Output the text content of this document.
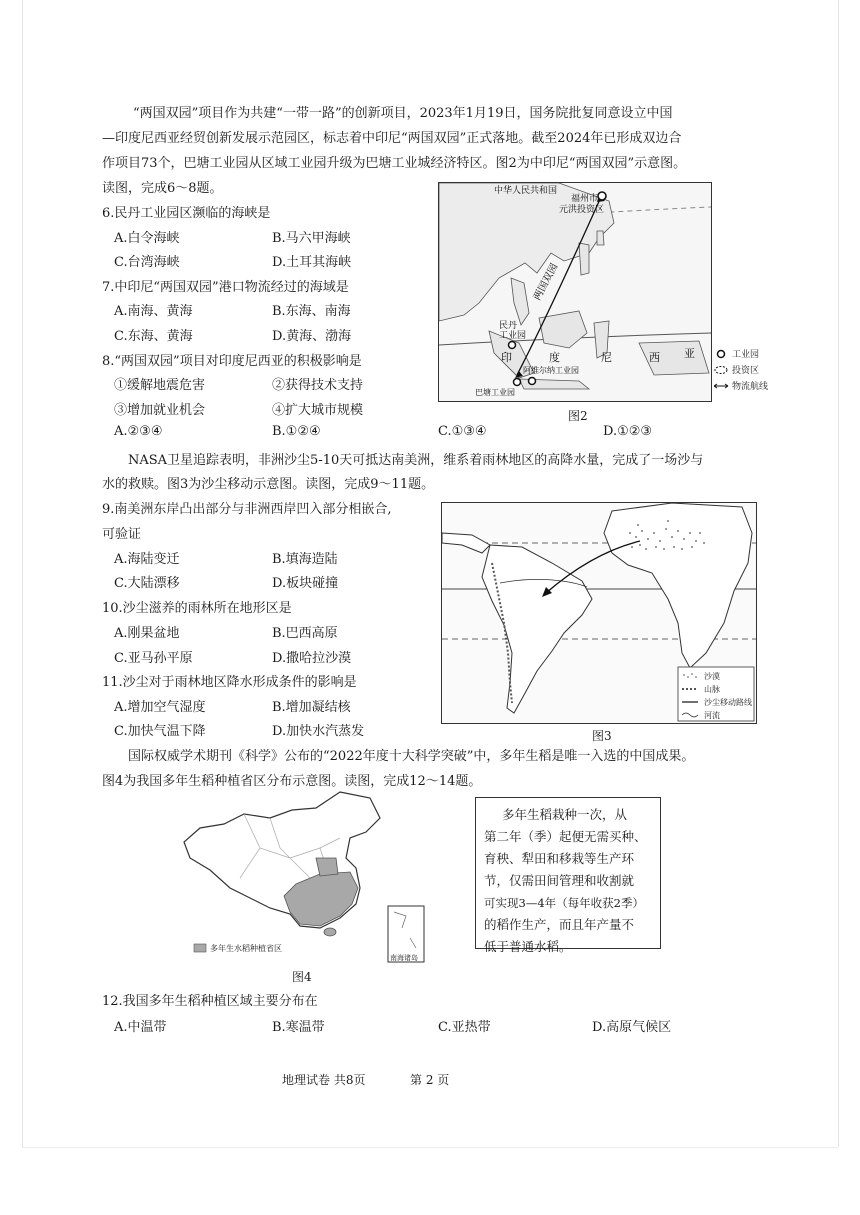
“两国双园”项目作为共建“一带一路”的创新项目，2023年1月19日，国务院批复同意设立中国
—印度尼西亚经贸创新发展示范园区，标志着中印尼“两国双园”正式落地。截至2024年已形成双边合
作项目73个，巴塘工业园从区域工业园升级为巴塘工业城经济特区。图2为中印尼“两国双园”示意图。
读图，完成6～8题。
6.民丹工业园区濒临的海峡是
A.白令海峡	B.马六甲海峡
C.台湾海峡	D.土耳其海峡
7.中印尼“两国双园”港口物流经过的海域是
A.南海、黄海	B.东海、南海
C.东海、黄海	D.黄海、渤海
8.“两国双园”项目对印度尼西亚的积极影响是
①缓解地震危害	②获得技术支持
③增加就业机会	④扩大城市规模
A.②③④	B.①②④	C.①③④	D.①②③
中华人民共和国
福州市
元洪投资区
民丹
工业园
印	度	尼	西 亚
阿维尔纳工业园
巴塘工业园
两国双园
工业园
投资区
物流航线
图2
NASA卫星追踪表明，非洲沙尘5-10天可抵达南美洲，维系着雨林地区的高降水量，完成了一场沙与
水的救赎。图3为沙尘移动示意图。读图，完成9～11题。
9.南美洲东岸凸出部分与非洲西岸凹入部分相嵌合,
可验证
A.海陆变迁	B.填海造陆
C.大陆漂移	D.板块碰撞
10.沙尘滋养的雨林所在地形区是
A.刚果盆地	B.巴西高原
C.亚马孙平原	D.撒哈拉沙漠
11.沙尘对于雨林地区降水形成条件的影响是
A.增加空气湿度	B.增加凝结核
C.加快气温下降	D.加快水汽蒸发
沙漠
山脉
沙尘移动路线
河流
图3
国际权威学术期刊《科学》公布的“2022年度十大科学突破”中，多年生稻是唯一入选的中国成果。
图4为我国多年生稻种植省区分布示意图。读图，完成12～14题。
南海诸岛
多年生水稻种植省区
图4
多年生稻栽种一次，从
第二年（季）起便无需买种、
育秧、犁田和移栽等生产环
节，仅需田间管理和收割就
可实现3—4年（每年收获2季）
的稻作生产，而且年产量不
低于普通水稻。
12.我国多年生稻种植区域主要分布在
A.中温带	B.寒温带	C.亚热带	D.高原气候区
地理试卷 共8页	第 2 页
